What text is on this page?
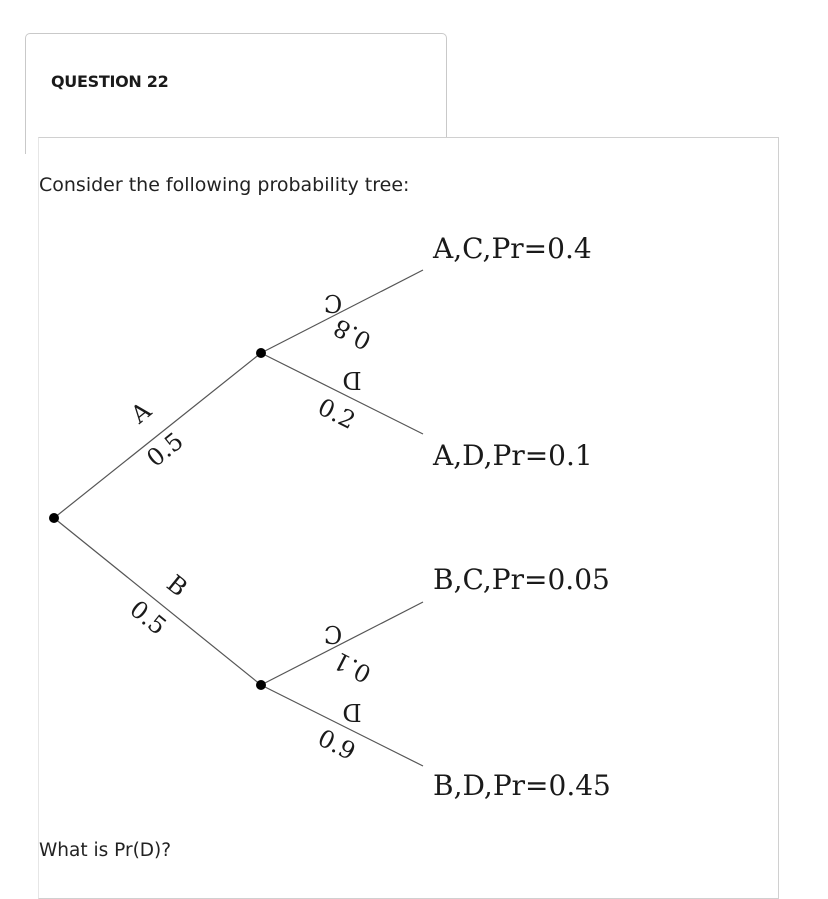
QUESTION 22
Consider the following probability tree:
A
0.5
B
0.5
C
0.8
D
0.2
C
0.1
D
0.9
A,C,Pr=0.4
A,D,Pr=0.1
B,C,Pr=0.05
B,D,Pr=0.45
What is Pr(D)?
